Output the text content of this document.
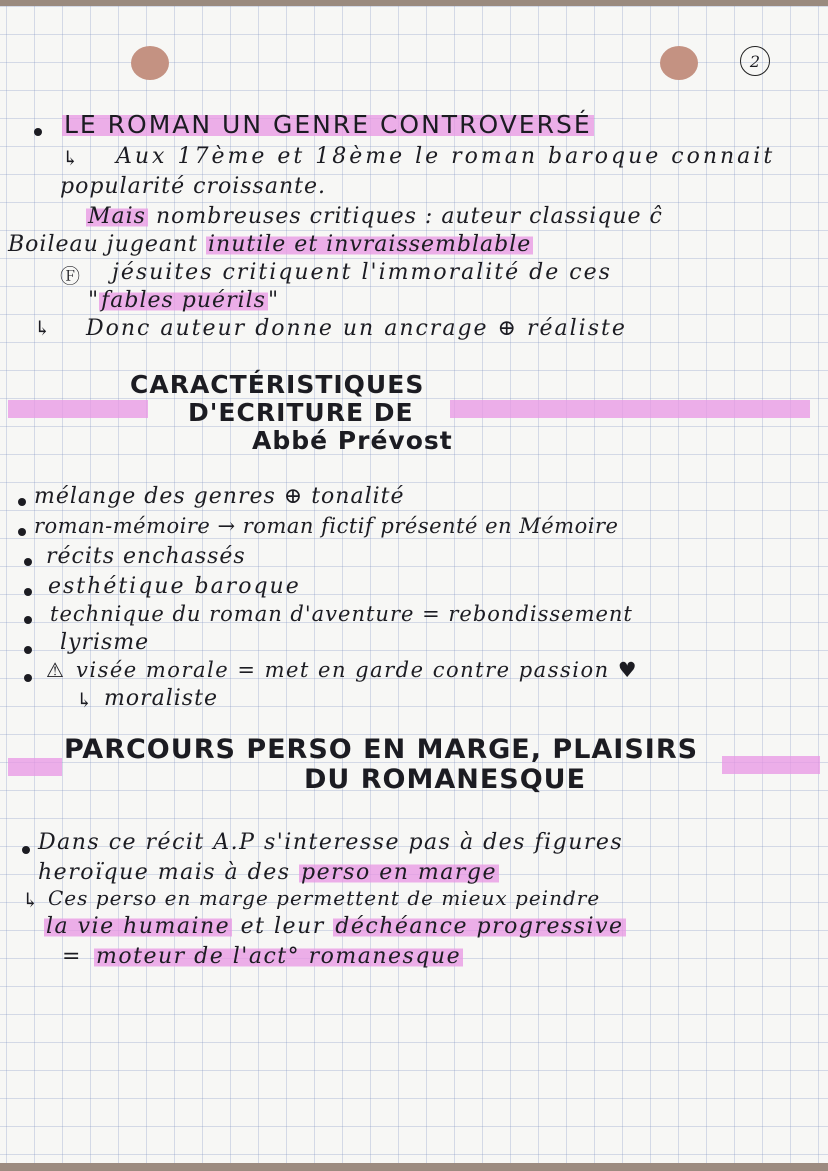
2
LE ROMAN UN GENRE CONTROVERSÉ
↳ Aux 17ème et 18ème le roman baroque connait
popularité croissante.
Mais nombreuses critiques : auteur classique ĉ
Boileau jugeant inutile et invraissemblable
Ⓕ jésuites critiquent l'immoralité de ces
"fables puérils"
↳ Donc auteur donne un ancrage ⊕ réaliste
CARACTÉRISTIQUES
D'ECRITURE DE
Abbé Prévost
mélange des genres ⊕ tonalité
roman-mémoire → roman fictif présenté en Mémoire
récits enchassés
esthétique baroque
technique du roman d'aventure = rebondissement
lyrisme
⚠ visée morale = met en garde contre passion ♥
↳ moraliste
PARCOURS PERSO EN MARGE, PLAISIRS
DU ROMANESQUE
Dans ce récit A.P s'interesse pas à des figures
heroïque mais à des perso en marge
↳ Ces perso en marge permettent de mieux peindre
la vie humaine et leur déchéance progressive
= moteur de l'act° romanesque
